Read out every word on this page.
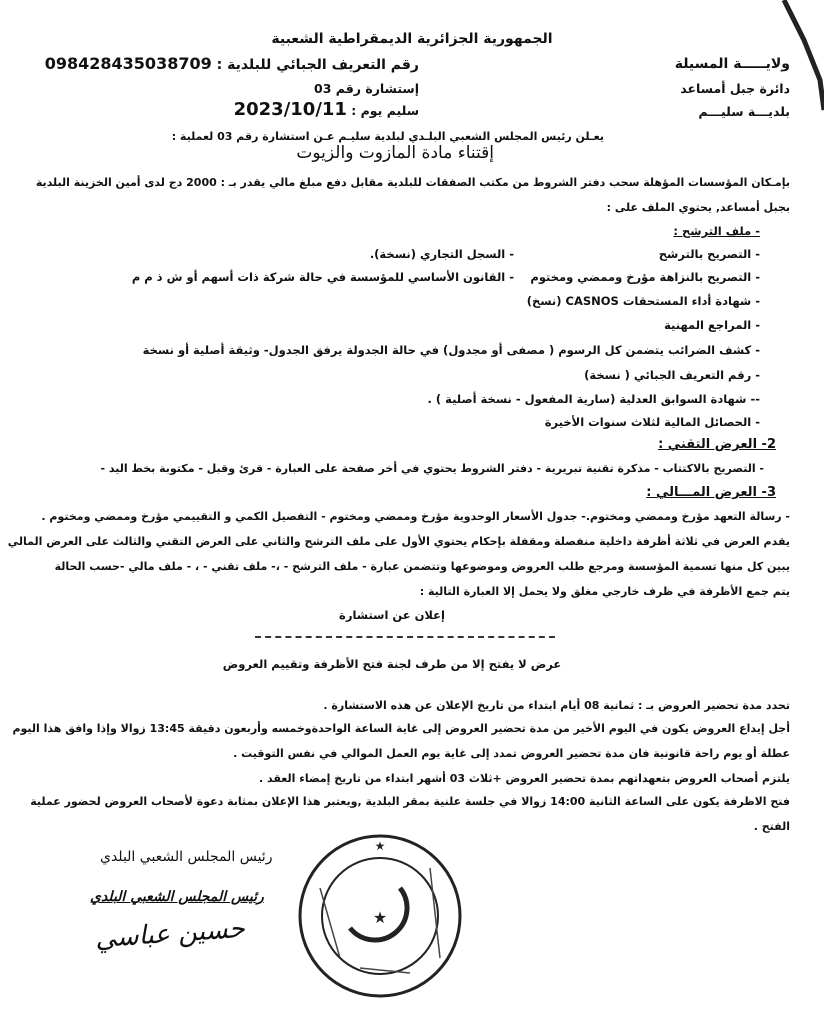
الجمهورية الجزائرية الديمقراطية الشعبية
ولايـــــة المسيلة
رقم التعريف الجبائي للبلدية : 098428435038709
دائرة جبل أمساعد
إستشارة رقم 03
بلديـــة سليـــم
سليم يوم : 2023/10/11
يعـلن رئيس المجلس الشعبي البلـدي لبلدية سليـم عـن استشارة رقم 03 لعملية :
إقتناء مادة المازوت والزيوت
بإمـكان المؤسسات المؤهلة سحب دفتر الشروط من مكتب الصفقات للبلدية مقابل دفع مبلغ مالي يقدر بـ : 2000 دج لدى أمين الخزينة البلدية
بجبل أمساعد, يحتوي الملف على :
- ملف الترشح :
- التصريح بالترشح
- السجل التجاري (نسخة).
- التصريح بالنزاهة مؤرخ وممضي ومختوم
- القانون الأساسي للمؤسسة في حالة شركة ذات أسهم أو ش ذ م م
- شهادة أداء المستحقات CASNOS (نسخ)
- المراجع المهنية
- كشف الضرائب يتضمن كل الرسوم ( مصفى أو مجدول) في حالة الجدولة يرفق الجدول- وثيقة أصلية أو نسخة
- رقم التعريف الجبائي ( نسخة)
-- شهادة السوابق العدلية (سارية المفعول - نسخة أصلية ) .
- الحصائل المالية لثلاث سنوات الأخيرة
2- العرض التقني :
- التصريح بالاكتتاب - مذكرة تقنية تبريرية - دفتر الشروط يحتوي في أخر صفحة على العبارة - قرئ وقبل - مكتوبة بخط اليد -
3- العرض المـــالي :
- رسالة التعهد مؤرخ وممضي ومختوم.- جدول الأسعار الوحدوية مؤرخ وممضي ومختوم - التفصيل الكمي و التقييمي مؤرخ وممضي ومختوم .
يقدم العرض في ثلاثة أظرفة داخلية منفصلة ومقفلة بإحكام يحتوي الأول على ملف الترشح والثاني على العرض التقني والثالث على العرض المالي
يبين كل منها تسمية المؤسسة ومرجع طلب العروض وموضوعها وتتضمن عبارة - ملف الترشح - ،- ملف تقني - ، - ملف مالي -حسب الحالة
يتم جمع الأظرفة في ظرف خارجي مغلق ولا يحمل إلا العبارة التالية :
إعلان عن استشارة
عرض لا يفتح إلا من طرف لجنة فتح الأظرفة وتقييم العروض
تحدد مدة تحضير العروض بـ : ثمانية 08 أيام ابتداء من تاريخ الإعلان عن هذه الاستشارة .
أجل إيداع العروض يكون في اليوم الأخير من مدة تحضير العروض إلى غاية الساعة الواحدةوخمسه وأربعون دقيقة 13:45 زوالا وإذا وافق هذا اليوم
عطلة أو يوم راحة قانونية فان مدة تحضير العروض تمدد إلى غاية يوم العمل الموالي في نفس التوقيت .
يلتزم أصحاب العروض بتعهداتهم بمدة تحضير العروض +ثلاث 03 أشهر ابتداء من تاريخ إمضاء العقد .
فتح الاظرفة يكون على الساعة الثانية 14:00 زوالا في جلسة علنية بمقر البلدية ,ويعتبر هذا الإعلان بمثابة دعوة لأصحاب العروض لحضور عملية
الفتح .
رئيس المجلس الشعبي البلدي
رئيس المجلس الشعبي البلدي
حسين عباسي	★
★
